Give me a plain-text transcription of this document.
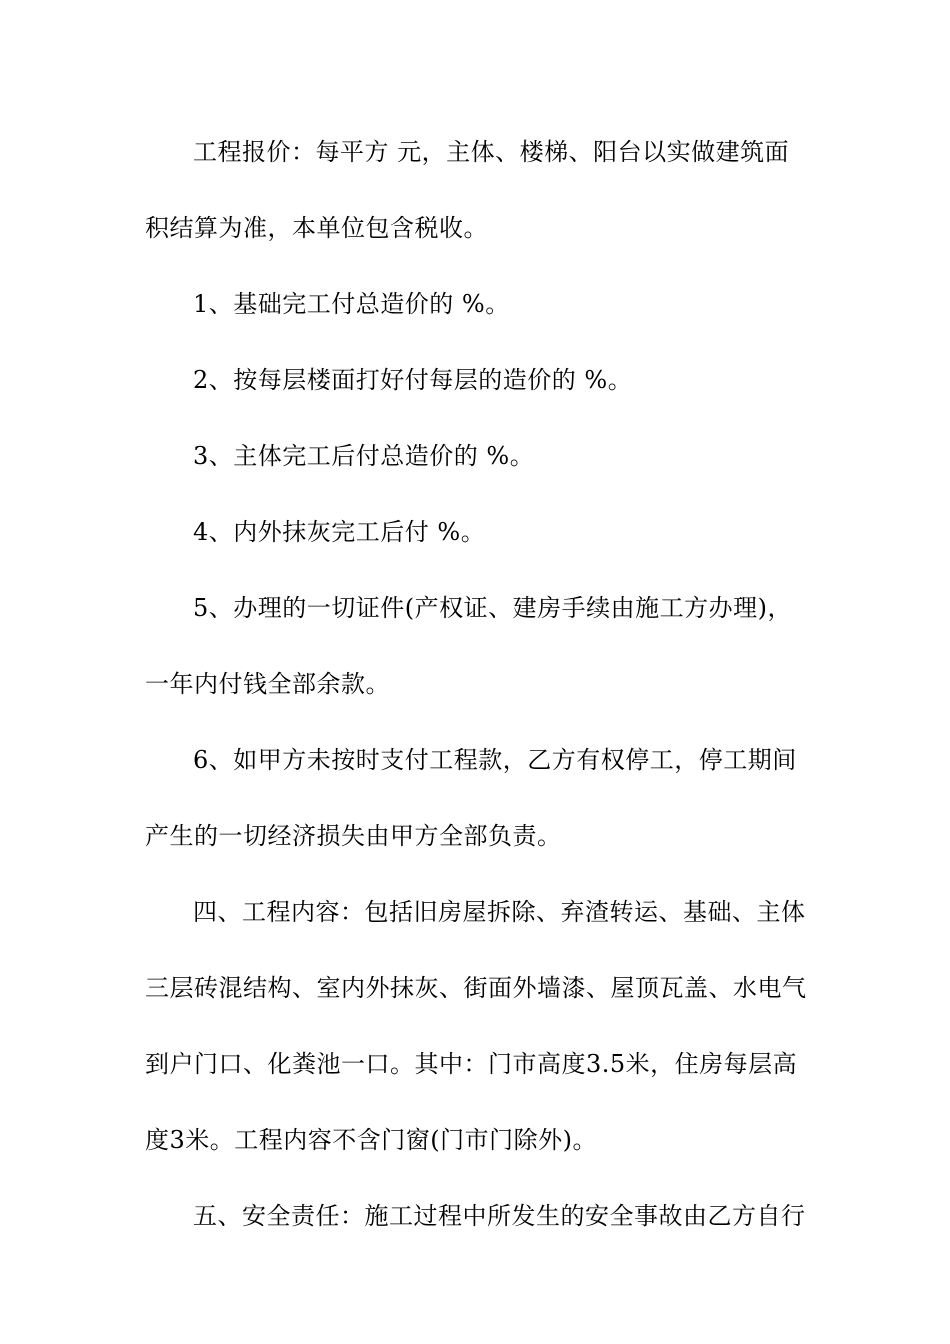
工程报价：每平方 元，主体、楼梯、阳台以实做建筑面积结算为准，本单位包含税收。

1、基础完工付总造价的 %。

2、按每层楼面打好付每层的造价的 %。

3、主体完工后付总造价的 %。

4、内外抹灰完工后付 %。

5、办理的一切证件(产权证、建房手续由施工方办理)，一年内付钱全部余款。

6、如甲方未按时支付工程款，乙方有权停工，停工期间产生的一切经济损失由甲方全部负责。

四、工程内容：包括旧房屋拆除、弃渣转运、基础、主体三层砖混结构、室内外抹灰、街面外墙漆、屋顶瓦盖、水电气到户门口、化粪池一口。其中：门市高度3.5米，住房每层高度3米。工程内容不含门窗(门市门除外)。

五、安全责任：施工过程中所发生的安全事故由乙方自行
